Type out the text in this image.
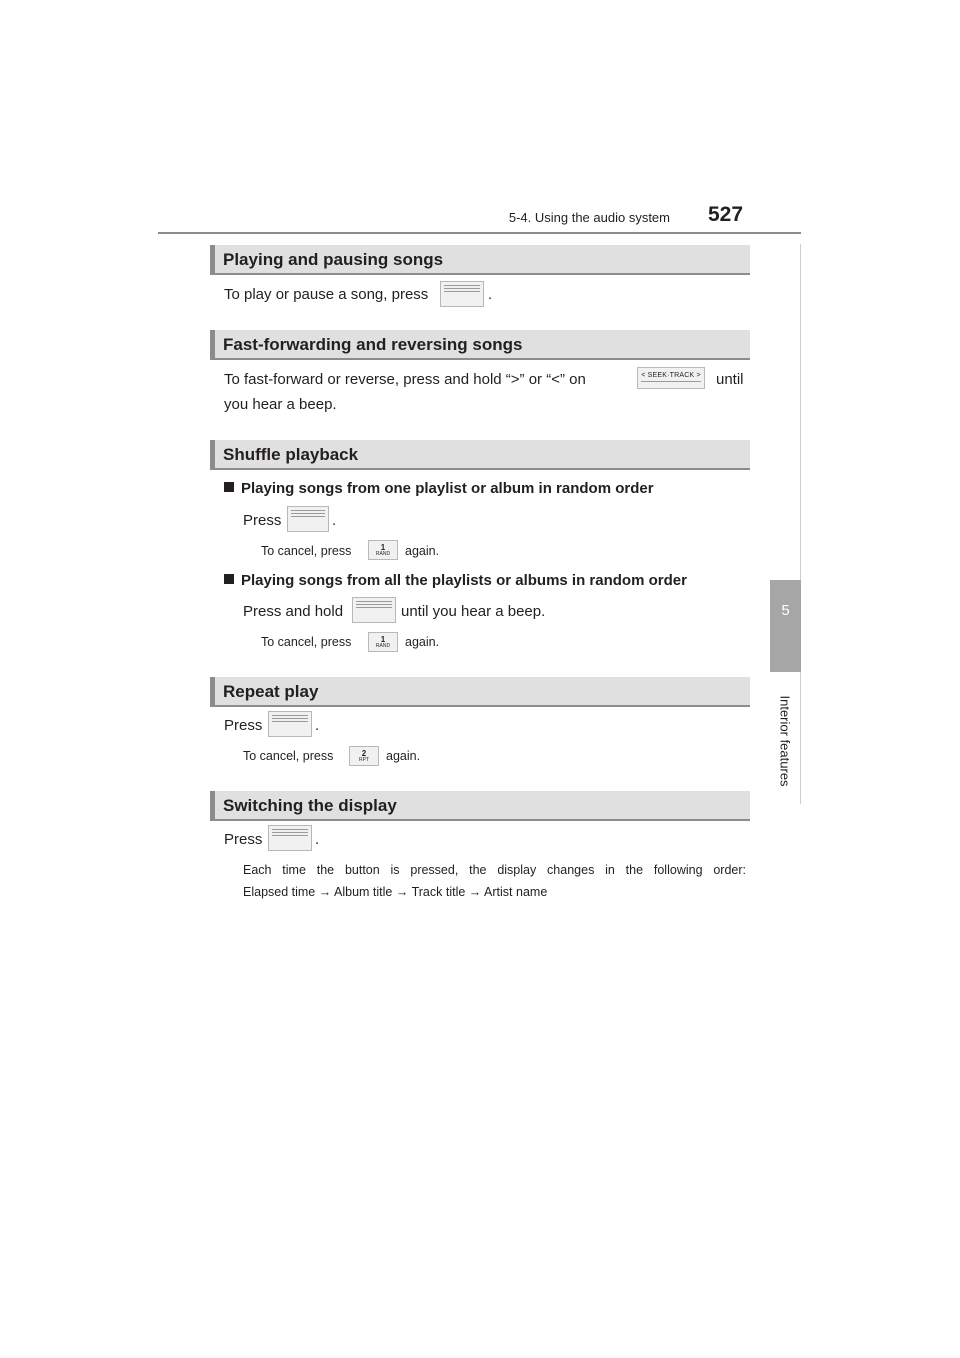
5-4. Using the audio system 527
5
Interior features
Playing and pausing songs
To play or pause a song, press	.
Fast-forwarding and reversing songs
To fast-forward or reverse, press and hold “>” or “<” on	< SEEK·TRACK > until
you hear a beep.
Shuffle playback
Playing songs from one playlist or album in random order
Press	.
To cancel, press	1
RAND	again.
Playing songs from all the playlists or albums in random order
Press and hold	until you hear a beep.
To cancel, press	1
RAND	again.
Repeat play
Press	.
To cancel, press	2
RPT	again.
Switching the display
Press	.
Each time the button is pressed, the display changes in the following order:
Elapsed time → Album title → Track title → Artist name
